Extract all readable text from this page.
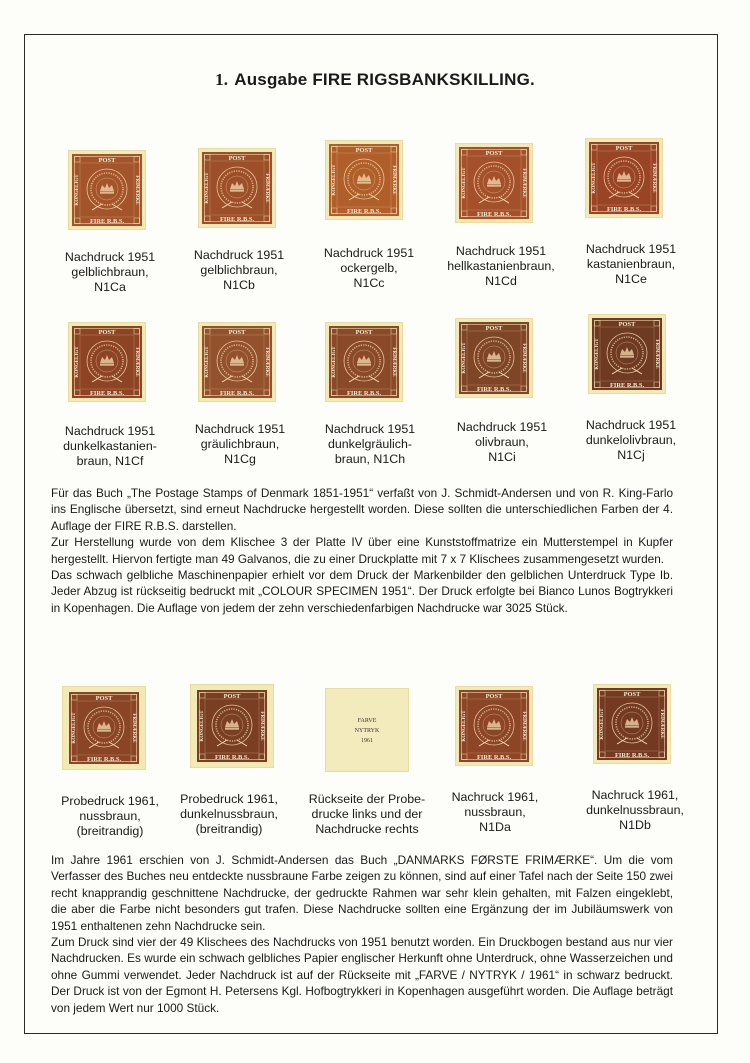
1. Ausgabe FIRE RIGSBANKSKILLING.
POST
FIRE R.B.S.
KONGELIGT	FRIMÆRKE
POST
FIRE R.B.S.
KONGELIGT	FRIMÆRKE
POST
FIRE R.B.S.
KONGELIGT	FRIMÆRKE
POST
FIRE R.B.S.
KONGELIGT	FRIMÆRKE
POST
FIRE R.B.S.
KONGELIGT	FRIMÆRKE
Nachdruck 1951
gelblichbraun,
N1Ca
Nachdruck 1951
gelblichbraun,
N1Cb
Nachdruck 1951
ockergelb,
N1Cc
Nachdruck 1951
hellkastanienbraun,
N1Cd
Nachdruck 1951
kastanienbraun,
N1Ce
POST
FIRE R.B.S.
KONGELIGT	FRIMÆRKE
POST
FIRE R.B.S.
KONGELIGT	FRIMÆRKE
POST
FIRE R.B.S.
KONGELIGT	FRIMÆRKE
POST
FIRE R.B.S.
KONGELIGT	FRIMÆRKE
POST
FIRE R.B.S.
KONGELIGT	FRIMÆRKE
Nachdruck 1951
dunkelkastanien-
braun, N1Cf
Nachdruck 1951
gräulichbraun,
N1Cg
Nachdruck 1951
dunkelgräulich-
braun, N1Ch
Nachdruck 1951
olivbraun,
N1Ci
Nachdruck 1951
dunkelolivbraun,
N1Cj

Für das Buch „The Postage Stamps of Denmark 1851-1951“ verfaßt von J. Schmidt-Andersen und von R. King-Farlo ins Englische übersetzt, sind erneut Nachdrucke hergestellt worden. Diese sollten die unterschiedlichen Farben der 4. Auflage der FIRE R.B.S. darstellen.

Zur Herstellung wurde von dem Klischee 3 der Platte IV über eine Kunststoffmatrize ein Mutterstempel in Kupfer hergestellt. Hiervon fertigte man 49 Galvanos, die zu einer Druckplatte mit 7 x 7 Klischees zusammengesetzt wurden.

Das schwach gelbliche Maschinenpapier erhielt vor dem Druck der Markenbilder den gelblichen Unterdruck Type Ib. Jeder Abzug ist rückseitig bedruckt mit „COLOUR SPECIMEN 1951“. Der Druck erfolgte bei Bianco Lunos Bogtrykkeri in Kopenhagen. Die Auflage von jedem der zehn verschiedenfarbigen Nachdrucke war 3025 Stück.

POST
FIRE R.B.S.
KONGELIGT	FRIMÆRKE
POST
FIRE R.B.S.
KONGELIGT	FRIMÆRKE	FARVE
NYTRYK
1961
POST
FIRE R.B.S.
KONGELIGT	FRIMÆRKE
POST
FIRE R.B.S.
KONGELIGT	FRIMÆRKE
Probedruck 1961,
nussbraun,
(breitrandig)
Probedruck 1961,
dunkelnussbraun,
(breitrandig)
Rückseite der Probe-
drucke links und der
Nachdrucke rechts
Nachruck 1961,
nussbraun,
N1Da
Nachruck 1961,
dunkelnussbraun,
N1Db

Im Jahre 1961 erschien von J. Schmidt-Andersen das Buch „DANMARKS FØRSTE FRIMÆRKE“. Um die vom Verfasser des Buches neu entdeckte nussbraune Farbe zeigen zu können, sind auf einer Tafel nach der Seite 150 zwei recht knapprandig geschnittene Nachdrucke, der gedruckte Rahmen war sehr klein gehalten, mit Falzen eingeklebt, die aber die Farbe nicht besonders gut trafen. Diese Nachdrucke sollten eine Ergänzung der im Jubiläumswerk von 1951 enthaltenen zehn Nachdrucke sein.

Zum Druck sind vier der 49 Klischees des Nachdrucks von 1951 benutzt worden. Ein Druckbogen bestand aus nur vier Nachdrucken. Es wurde ein schwach gelbliches Papier englischer Herkunft ohne Unterdruck, ohne Wasserzeichen und ohne Gummi verwendet. Jeder Nachdruck ist auf der Rückseite mit „FARVE / NYTRYK / 1961“ in schwarz bedruckt. Der Druck ist von der Egmont H. Petersens Kgl. Hofbogtrykkeri in Kopenhagen ausgeführt worden. Die Auflage beträgt von jedem Wert nur 1000 Stück.
